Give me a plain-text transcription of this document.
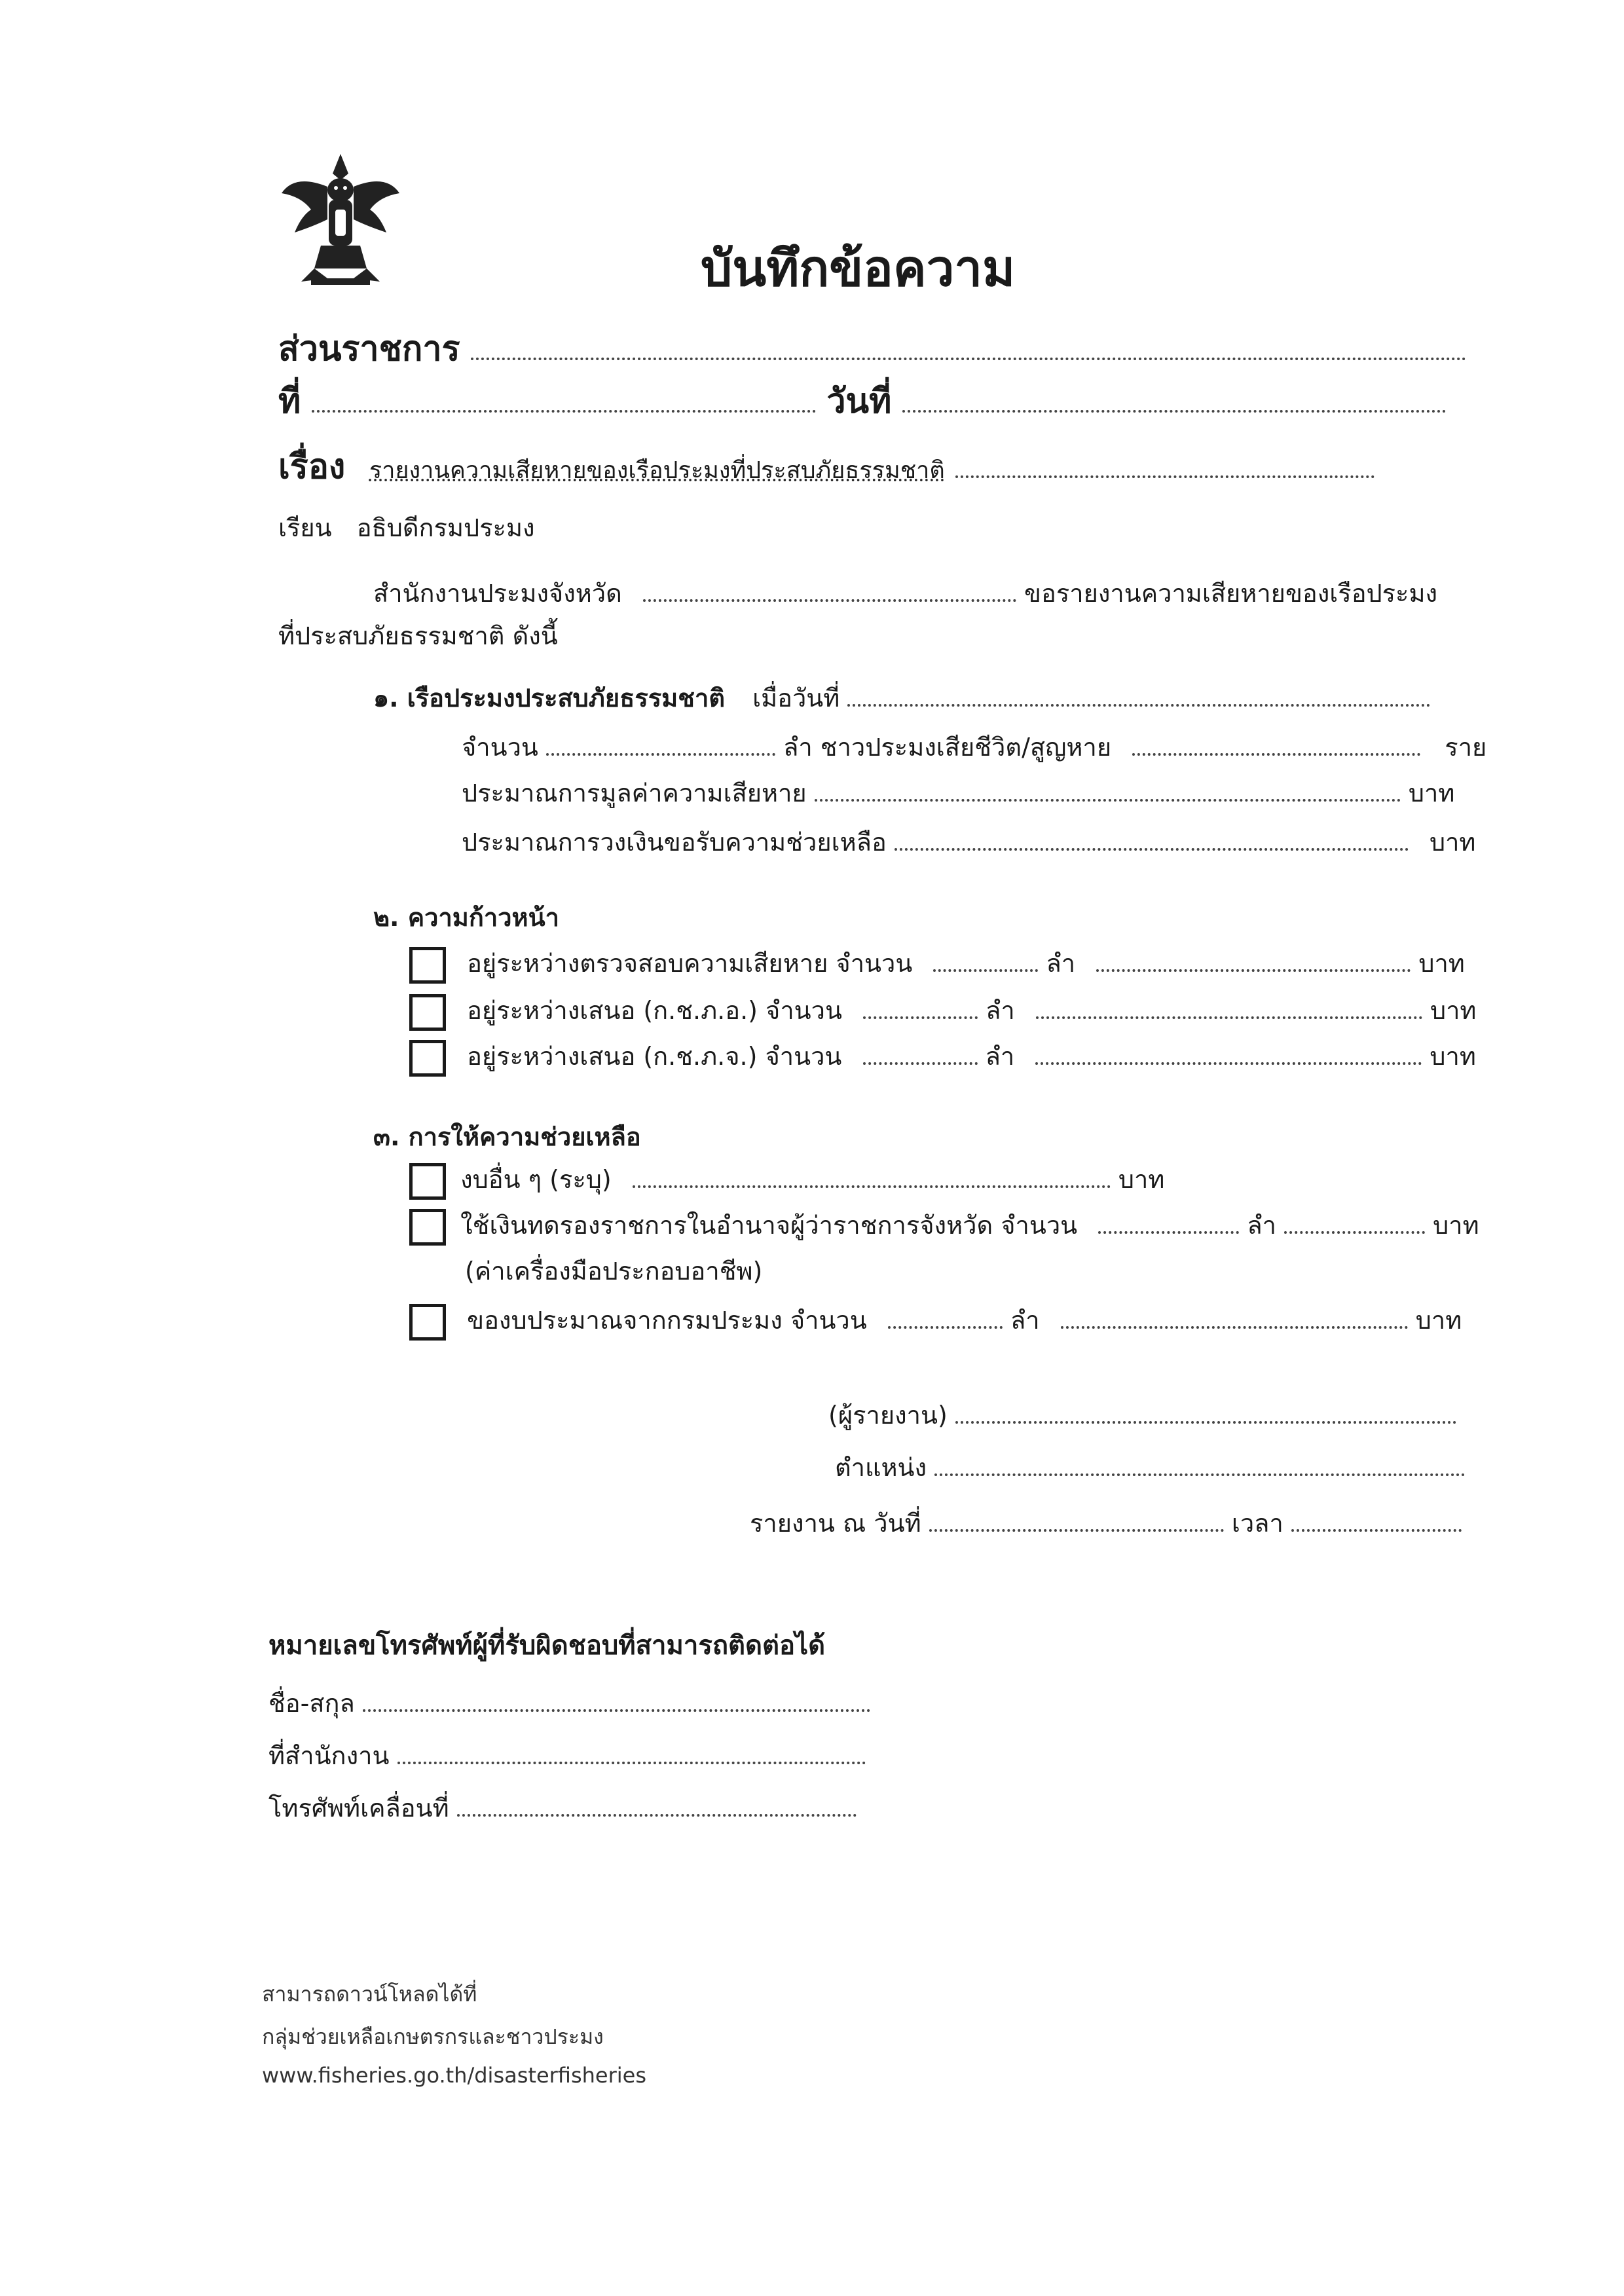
บันทึกข้อความ
ส่วนราชการ
ที่	วันที่
เรื่อง รายงานความเสียหายของเรือประมงที่ประสบภัยธรรมชาติ
เรียน อธิบดีกรมประมง
สำนักงานประมงจังหวัด	ขอรายงานความเสียหายของเรือประมง
ที่ประสบภัยธรรมชาติ ดังนี้
๑. เรือประมงประสบภัยธรรมชาติ เมื่อวันที่
จำนวน	ลำ ชาวประมงเสียชีวิต/สูญหาย	ราย
ประมาณการมูลค่าความเสียหาย	บาท
ประมาณการวงเงินขอรับความช่วยเหลือ	บาท
๒. ความก้าวหน้า
อยู่ระหว่างตรวจสอบความเสียหาย จำนวน	ลำ	บาท
อยู่ระหว่างเสนอ (ก.ช.ภ.อ.) จำนวน	ลำ	บาท
อยู่ระหว่างเสนอ (ก.ช.ภ.จ.) จำนวน	ลำ	บาท
๓. การให้ความช่วยเหลือ
งบอื่น ๆ (ระบุ)	บาท
ใช้เงินทดรองราชการในอำนาจผู้ว่าราชการจังหวัด จำนวน	ลำ	บาท
(ค่าเครื่องมือประกอบอาชีพ)
ของบประมาณจากกรมประมง จำนวน	ลำ	บาท
(ผู้รายงาน)
ตำแหน่ง
รายงาน ณ วันที่	เวลา
หมายเลขโทรศัพท์ผู้ที่รับผิดชอบที่สามารถติดต่อได้
ชื่อ-สกุล
ที่สำนักงาน
โทรศัพท์เคลื่อนที่
สามารถดาวน์โหลดได้ที่
กลุ่มช่วยเหลือเกษตรกรและชาวประมง
www.fisheries.go.th/disasterfisheries
